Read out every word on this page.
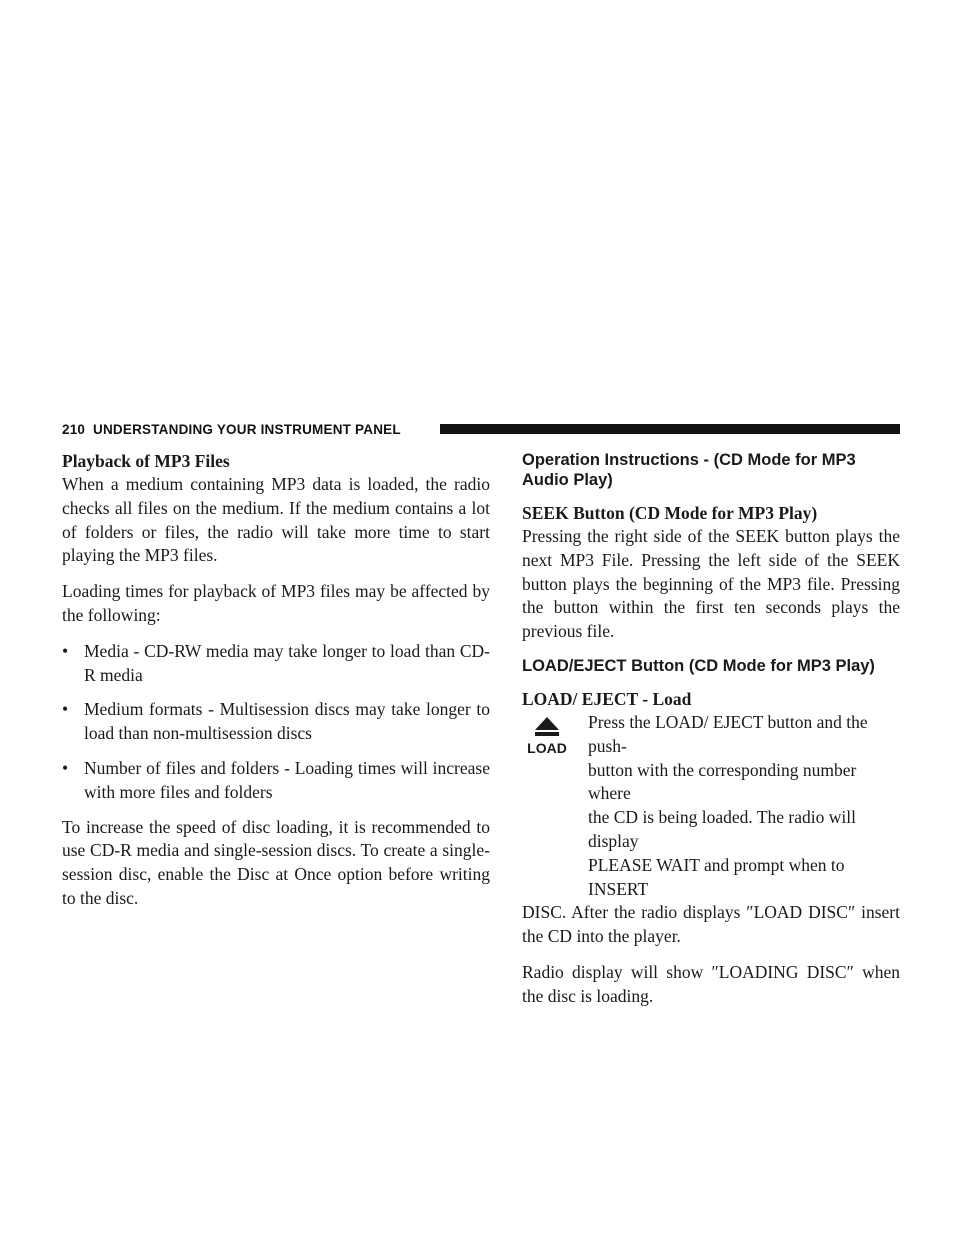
210 UNDERSTANDING YOUR INSTRUMENT PANEL
Playback of MP3 Files

When a medium containing MP3 data is loaded, the radio checks all files on the medium. If the medium contains a lot of folders or files, the radio will take more time to start playing the MP3 files.

Loading times for playback of MP3 files may be affected by the following:

• Media - CD-RW media may take longer to load than CD-R media
• Medium formats - Multisession discs may take longer to load than non-multisession discs
• Number of files and folders - Loading times will increase with more files and folders

To increase the speed of disc loading, it is recommended to use CD-R media and single-session discs. To create a single-session disc, enable the Disc at Once option before writing to the disc.

Operation Instructions - (CD Mode for MP3 Audio Play)
SEEK Button (CD Mode for MP3 Play)

Pressing the right side of the SEEK button plays the next MP3 File. Pressing the left side of the SEEK button plays the beginning of the MP3 file. Pressing the button within the first ten seconds plays the previous file.

LOAD/EJECT Button (CD Mode for MP3 Play)
LOAD/ EJECT - Load
LOAD

Press the LOAD/ EJECT button and the push-

button with the corresponding number where

the CD is being loaded. The radio will display

PLEASE WAIT and prompt when to INSERT

DISC. After the radio displays ″LOAD DISC″ insert the CD into the player.

Radio display will show ″LOADING DISC″ when the disc is loading.
